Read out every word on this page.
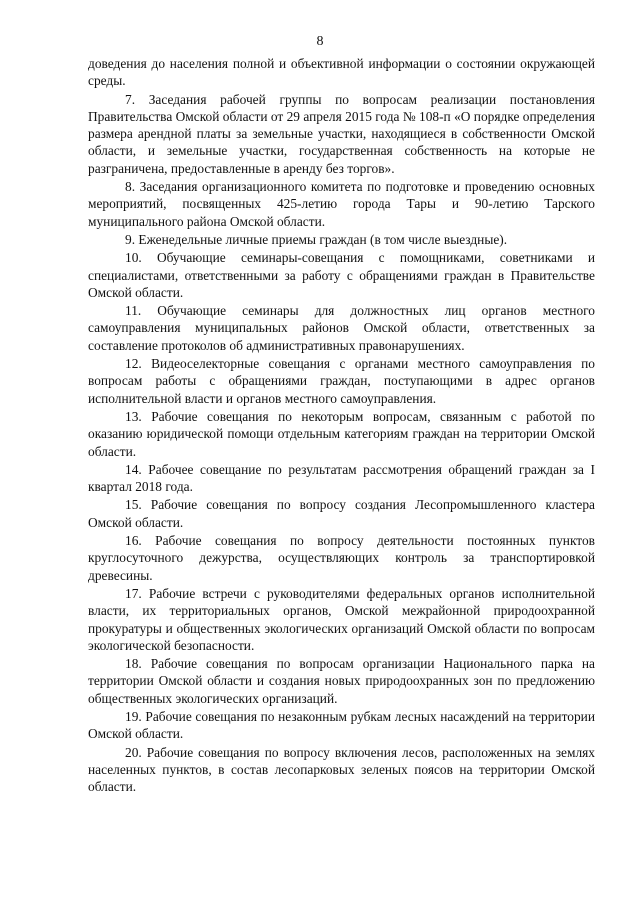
8

доведения до населения полной и объективной информации о состоянии окружающей среды.

7. Заседания рабочей группы по вопросам реализации постановления Правительства Омской области от 29 апреля 2015 года № 108-п «О порядке определения размера арендной платы за земельные участки, находящиеся в собственности Омской области, и земельные участки, государственная собственность на которые не разграничена, предоставленные в аренду без торгов».

8. Заседания организационного комитета по подготовке и проведению основных мероприятий, посвященных 425-летию города Тары и 90-летию Тарского муниципального района Омской области.

9. Еженедельные личные приемы граждан (в том числе выездные).

10. Обучающие семинары-совещания с помощниками, советниками и специалистами, ответственными за работу с обращениями граждан в Правительстве Омской области.

11. Обучающие семинары для должностных лиц органов местного самоуправления муниципальных районов Омской области, ответственных за составление протоколов об административных правонарушениях.

12. Видеоселекторные совещания с органами местного самоуправления по вопросам работы с обращениями граждан, поступающими в адрес органов исполнительной власти и органов местного самоуправления.

13. Рабочие совещания по некоторым вопросам, связанным с работой по оказанию юридической помощи отдельным категориям граждан на территории Омской области.

14. Рабочее совещание по результатам рассмотрения обращений граждан за I квартал 2018 года.

15. Рабочие совещания по вопросу создания Лесопромышленного кластера Омской области.

16. Рабочие совещания по вопросу деятельности постоянных пунктов круглосуточного дежурства, осуществляющих контроль за транспортировкой древесины.

17. Рабочие встречи с руководителями федеральных органов исполнительной власти, их территориальных органов, Омской межрайонной природоохранной прокуратуры и общественных экологических организаций Омской области по вопросам экологической безопасности.

18. Рабочие совещания по вопросам организации Национального парка на территории Омской области и создания новых природоохранных зон по предложению общественных экологических организаций.

19. Рабочие совещания по незаконным рубкам лесных насаждений на территории Омской области.

20. Рабочие совещания по вопросу включения лесов, расположенных на землях населенных пунктов, в состав лесопарковых зеленых поясов на территории Омской области.
